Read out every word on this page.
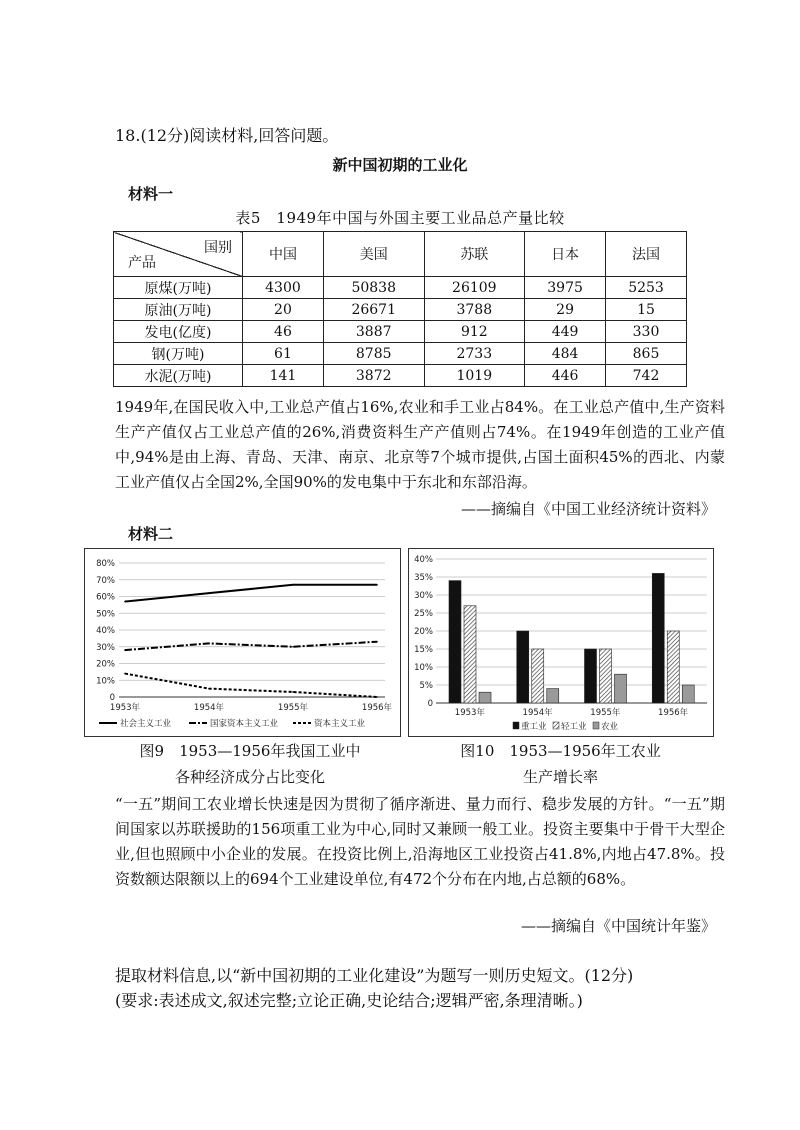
18.(12分)阅读材料,回答问题。
新中国初期的工业化
材料一
表5　1949年中国与外国主要工业品总产量比较
国别
产品	中国	美国	苏联	日本	法国
原煤(万吨)	4300	50838	26109	3975	5253
原油(万吨)	20	26671	3788	29	15
发电(亿度)	46	3887	912	449	330
钢(万吨)	61	8785	2733	484	865
水泥(万吨)	141	3872	1019	446	742
1949年,在国民收入中,工业总产值占16%,农业和手工业占84%。在工业总产值中,生产资料生产产值仅占工业总产值的26%,消费资料生产产值则占74%。在1949年创造的工业产值中,94%是由上海、青岛、天津、南京、北京等7个城市提供,占国土面积45%的西北、内蒙工业产值仅占全国2%,全国90%的发电集中于东北和东部沿海。
——摘编自《中国工业经济统计资料》
材料二
0
10%
20%
30%
40%
50%
60%
70%
80%
1953年	1954年	1955年	1956年
社会主义工业	国家资本主义工业	资本主义工业
0
5%
10%
15%
20%
25%
30%
35%
40%
1953年	1954年	1955年	1956年
重工业 轻工业 农业
图9　1953—1956年我国工业中
各种经济成分占比变化
图10　1953—1956年工农业
生产增长率
“一五”期间工农业增长快速是因为贯彻了循序渐进、量力而行、稳步发展的方针。“一五”期间国家以苏联援助的156项重工业为中心,同时又兼顾一般工业。投资主要集中于骨干大型企业,但也照顾中小企业的发展。在投资比例上,沿海地区工业投资占41.8%,内地占47.8%。投资数额达限额以上的694个工业建设单位,有472个分布在内地,占总额的68%。
——摘编自《中国统计年鉴》
提取材料信息,以“新中国初期的工业化建设”为题写一则历史短文。(12分)
(要求:表述成文,叙述完整;立论正确,史论结合;逻辑严密,条理清晰。)
